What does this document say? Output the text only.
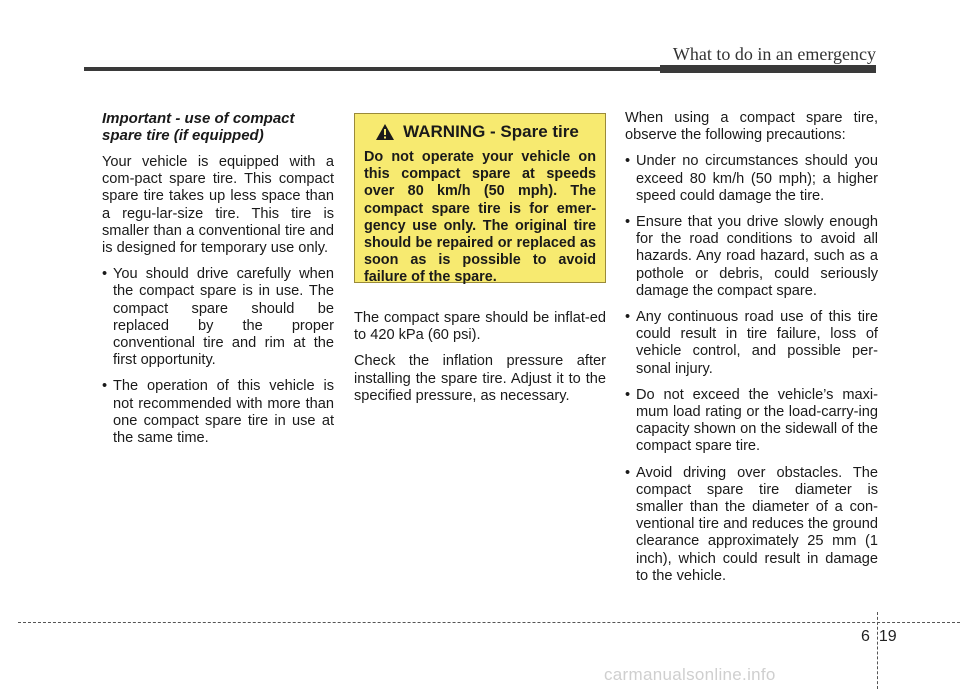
What to do in an emergency
Important - use of compact spare tire (if equipped)

Your vehicle is equipped with a com-pact spare tire. This compact spare tire takes up less space than a regu-lar-size tire. This tire is smaller than a conventional tire and is designed for temporary use only.

• You should drive carefully when the compact spare is in use. The compact spare should be replaced by the proper conventional tire and rim at the first opportunity.
• The operation of this vehicle is not recommended with more than one compact spare tire in use at the same time.
WARNING - Spare tire
Do not operate your vehicle on this compact spare at speeds over 80 km/h (50 mph). The compact spare tire is for emer-gency use only. The original tire should be repaired or replaced as soon as is possible to avoid failure of the spare.

The compact spare should be inflat-ed to 420 kPa (60 psi).

Check the inflation pressure after installing the spare tire. Adjust it to the specified pressure, as necessary.

When using a compact spare tire, observe the following precautions:

• Under no circumstances should you exceed 80 km/h (50 mph); a higher speed could damage the tire.
• Ensure that you drive slowly enough for the road conditions to avoid all hazards. Any road hazard, such as a pothole or debris, could seriously damage the compact spare.
• Any continuous road use of this tire could result in tire failure, loss of vehicle control, and possible per-sonal injury.
• Do not exceed the vehicle’s maxi-mum load rating or the load-carry-ing capacity shown on the sidewall of the compact spare tire.
• Avoid driving over obstacles. The compact spare tire diameter is smaller than the diameter of a con-ventional tire and reduces the ground clearance approximately 25 mm (1 inch), which could result in damage to the vehicle.
6 19
carmanualsonline.info
